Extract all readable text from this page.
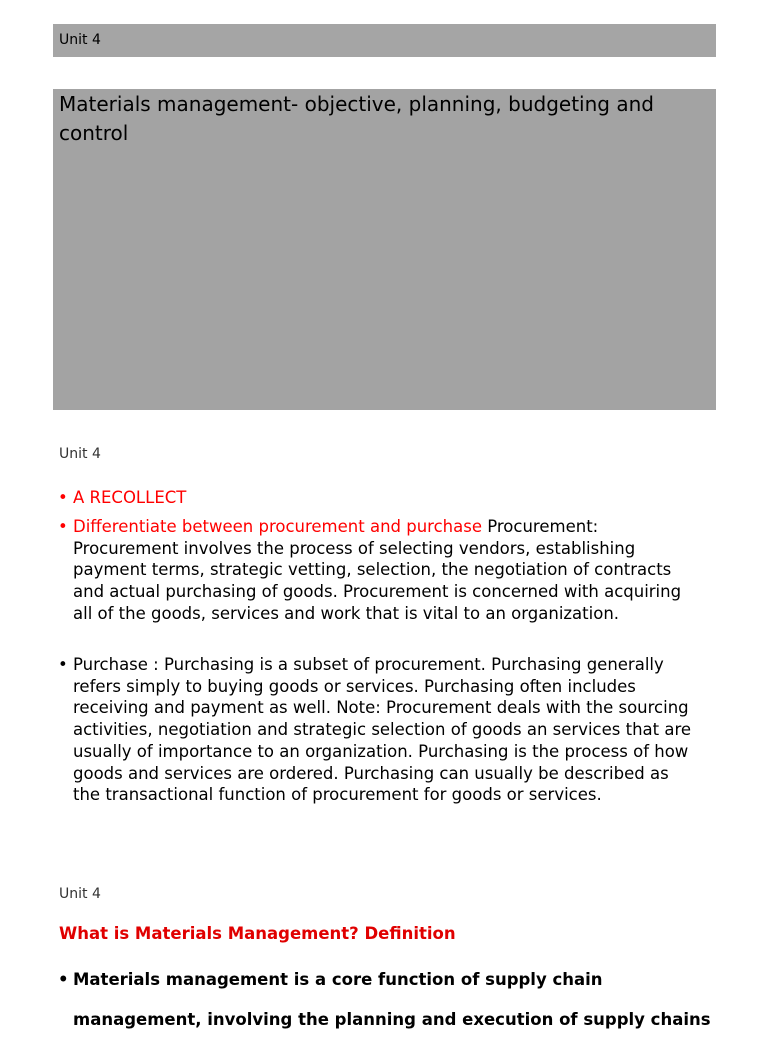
Unit 4
Materials management- objective, planning, budgeting and control
Unit 4
• A RECOLLECT
• Differentiate between procurement and purchase Procurement: Procurement involves the process of selecting vendors, establishing payment terms, strategic vetting, selection, the negotiation of contracts and actual purchasing of goods. Procurement is concerned with acquiring all of the goods, services and work that is vital to an organization.
• Purchase : Purchasing is a subset of procurement. Purchasing generally refers simply to buying goods or services. Purchasing often includes receiving and payment as well. Note: Procurement deals with the sourcing activities, negotiation and strategic selection of goods an services that are usually of importance to an organization. Purchasing is the process of how goods and services are ordered. Purchasing can usually be described as the transactional function of procurement for goods or services.
Unit 4
What is Materials Management? Definition
• Materials management is a core function of supply chain management, involving the planning and execution of supply chains
